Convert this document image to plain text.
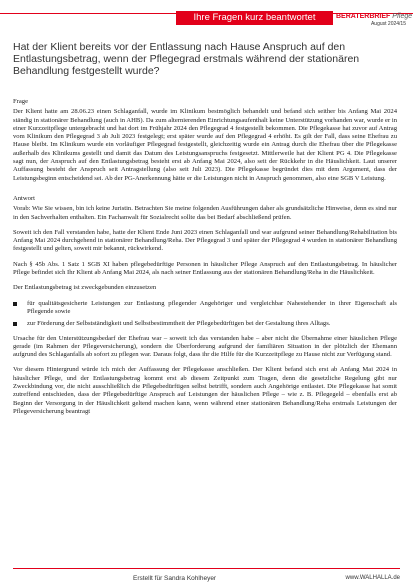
Ihre Fragen kurz beantwortet	BERATERBRIEF Pflege
August 2024/15
Hat der Klient bereits vor der Entlassung nach Hause Anspruch auf den Entlastungsbetrag, wenn der Pflegegrad erstmals während der stationären Behandlung festgestellt wurde?
Frage

Der Klient hatte am 28.06.23 einen Schlaganfall, wurde im Klinikum bestmöglich behandelt und befand sich seither bis Anfang Mai 2024 ständig in stationärer Behandlung (auch in AHB). Da zum alternierenden Einrichtungsaufenthalt keine Unterstützung vorhanden war, wurde er in einer Kurzzeitpflege untergebracht und hat dort im Frühjahr 2024 den Pflegegrad 4 festgestellt bekommen. Die Pflegekasse hat zuvor auf Antrag vom Klinikum den Pflegegrad 3 ab Juli 2023 festgelegt; erst später wurde auf den Pflegegrad 4 erhöht. Es gilt der Fall, dass seine Ehefrau zu Hause bleibt. Im Klinikum wurde ein vorläufiger Pflegegrad festgestellt, gleichzeitig wurde ein Antrag durch die Ehefrau über die Pflegekasse außerhalb des Klinikums gestellt und damit das Datum des Leistungsanspruchs festgesetzt. Mittlerweile hat der Klient PG 4. Die Pflegekasse sagt nun, der Anspruch auf den Entlastungsbetrag besteht erst ab Anfang Mai 2024, also seit der Rückkehr in die Häuslichkeit. Laut unserer Auffassung besteht der Anspruch seit Antragstellung (also seit Juli 2023). Die Pflegekasse begründet dies mit dem Argument, dass der Leistungsbeginn entscheidend sei. Ab der PG-Anerkennung hätte er die Leistungen nicht in Anspruch genommen, also eine SGB V Leistung.

Antwort

Vorab: Wie Sie wissen, bin ich keine Juristin. Betrachten Sie meine folgenden Ausführungen daher als grundsätzliche Hinweise, denn es sind nur in den Sachverhalten enthalten. Ein Fachanwalt für Sozialrecht sollte das bei Bedarf abschließend prüfen.

Soweit ich den Fall verstanden habe, hatte der Klient Ende Juni 2023 einen Schlaganfall und war aufgrund seiner Behandlung/Rehabilitation bis Anfang Mai 2024 durchgehend in stationärer Behandlung/Reha. Der Pflegegrad 3 und später der Pflegegrad 4 wurden in stationärer Behandlung festgestellt und gelten, soweit mir bekannt, rückwirkend.

Nach § 45b Abs. 1 Satz 1 SGB XI haben pflegebedürftige Personen in häuslicher Pflege Anspruch auf den Entlastungsbetrag. In häuslicher Pflege befindet sich Ihr Klient ab Anfang Mai 2024, als nach seiner Entlassung aus der stationären Behandlung/Reha in die Häuslichkeit.

Der Entlastungsbetrag ist zweckgebunden einzusetzen

für qualitätsgesicherte Leistungen zur Entlastung pflegender Angehöriger und vergleichbar Nahestehender in ihrer Eigenschaft als Pflegende sowie
zur Förderung der Selbstständigkeit und Selbstbestimmtheit der Pflegebedürftigen bei der Gestaltung ihres Alltags.

Ursache für den Unterstützungsbedarf der Ehefrau war – soweit ich das verstanden habe – aber nicht die Übernahme einer häuslichen Pflege gerade (im Rahmen der Pflegeversicherung), sondern die Überforderung aufgrund der familiären Situation in der plötzlich der Ehemann aufgrund des Schlaganfalls ab sofort zu pflegen war. Daraus folgt, dass ihr die Hilfe für die Kurzzeitpflege zu Hause nicht zur Verfügung stand.

Vor diesem Hintergrund würde ich mich der Auffassung der Pflegekasse anschließen. Der Klient befand sich erst ab Anfang Mai 2024 in häuslicher Pflege, und der Entlastungsbetrag kommt erst ab diesem Zeitpunkt zum Tragen, denn die gesetzliche Regelung gibt nur Zweckbindung vor, die nicht ausschließlich die Pflegebedürftigen selbst betrifft, sondern auch Angehörige entlastet. Die Pflegekasse hat somit zutreffend entschieden, dass der Pflegebedürftige Anspruch auf Leistungen der häuslichen Pflege – wie z. B. Pflegegeld – ebenfalls erst ab Beginn der Versorgung in der Häuslichkeit geltend machen kann, wenn während einer stationären Behandlung/Reha erstmals Leistungen der Pflegeversicherung beantragt

Erstellt für Sandra Kohlheyer	www.WALHALLA.de
